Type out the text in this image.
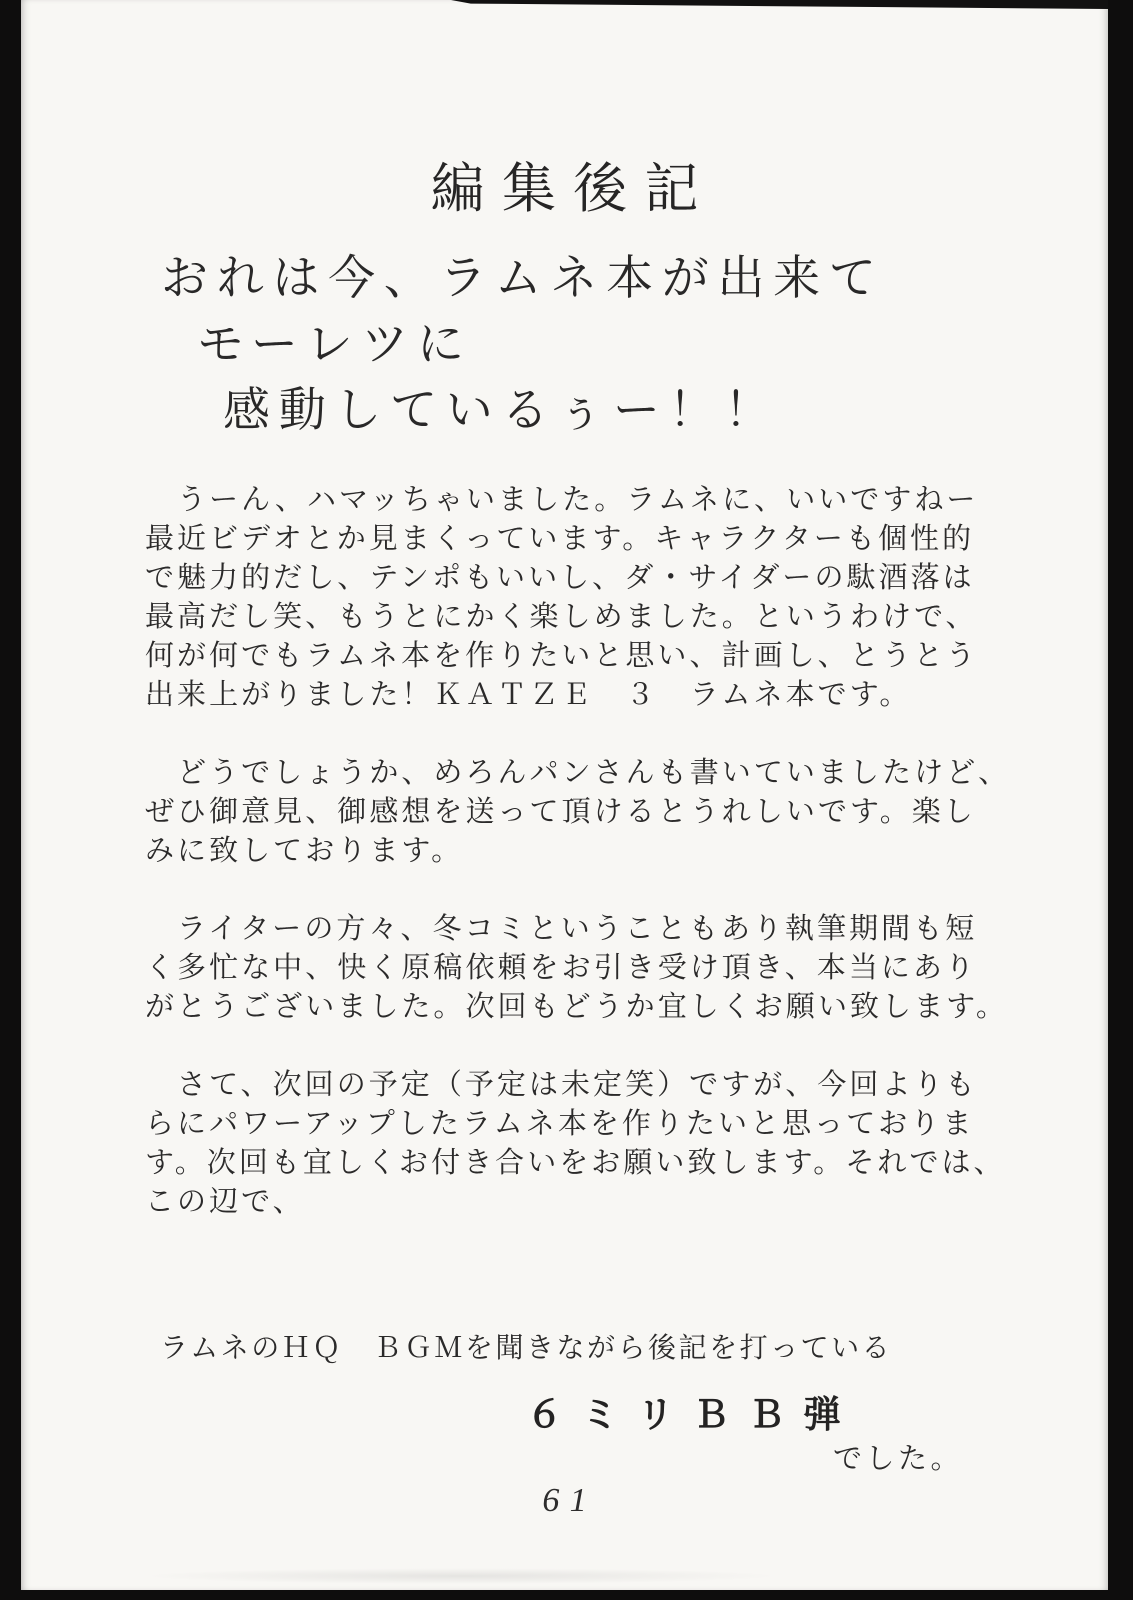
編集後記
おれは今、ラムネ本が出来て
モーレツに
感動しているぅー！！
　うーん、ハマッちゃいました。ラムネに、いいですねー
最近ビデオとか見まくっています。キャラクターも個性的
で魅力的だし、テンポもいいし、ダ・サイダーの駄酒落は
最高だし笑、もうとにかく楽しめました。というわけで、
何が何でもラムネ本を作りたいと思い、計画し、とうとう
出来上がりました！ＫＡＴＺＥ　３　ラムネ本です。
　どうでしょうか、めろんパンさんも書いていましたけど、
ぜひ御意見、御感想を送って頂けるとうれしいです。楽し
みに致しております。
　ライターの方々、冬コミということもあり執筆期間も短
く多忙な中、快く原稿依頼をお引き受け頂き、本当にあり
がとうございました。次回もどうか宜しくお願い致します。
　さて、次回の予定（予定は未定笑）ですが、今回よりも
らにパワーアップしたラムネ本を作りたいと思っておりま
す。次回も宜しくお付き合いをお願い致します。それでは、
この辺で、
ラムネのＨＱ　ＢＧＭを聞きながら後記を打っている
６ミリＢＢ弾
でした。
61
